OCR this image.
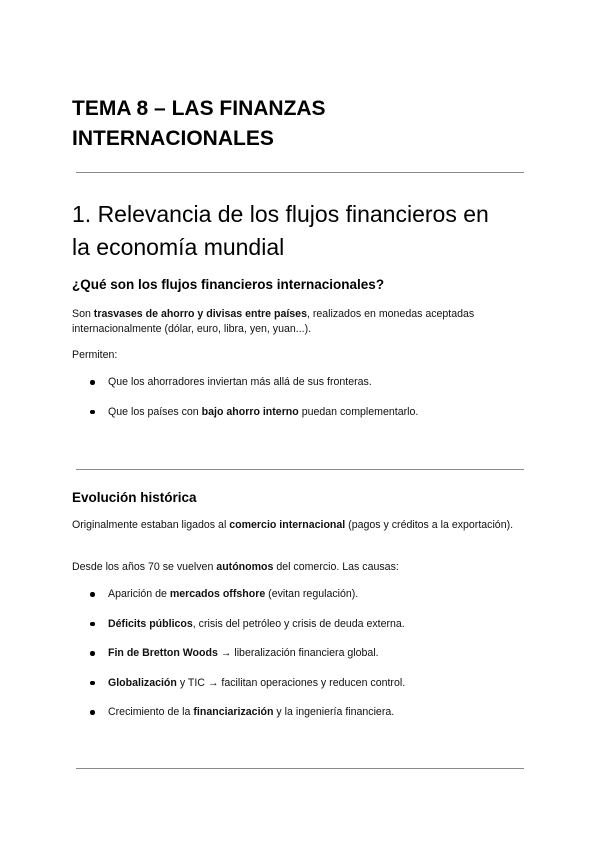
TEMA 8 – LAS FINANZAS
INTERNACIONALES
1. Relevancia de los flujos financieros en
la economía mundial
¿Qué son los flujos financieros internacionales?

Son trasvases de ahorro y divisas entre países, realizados en monedas aceptadas internacionalmente (dólar, euro, libra, yen, yuan...).

Permiten:

Que los ahorradores inviertan más allá de sus fronteras.
Que los países con bajo ahorro interno puedan complementarlo.
Evolución histórica

Originalmente estaban ligados al comercio internacional (pagos y créditos a la exportación).

Desde los años 70 se vuelven autónomos del comercio. Las causas:

Aparición de mercados offshore (evitan regulación).
Déficits públicos, crisis del petróleo y crisis de deuda externa.
Fin de Bretton Woods → liberalización financiera global.
Globalización y TIC → facilitan operaciones y reducen control.
Crecimiento de la financiarización y la ingeniería financiera.
